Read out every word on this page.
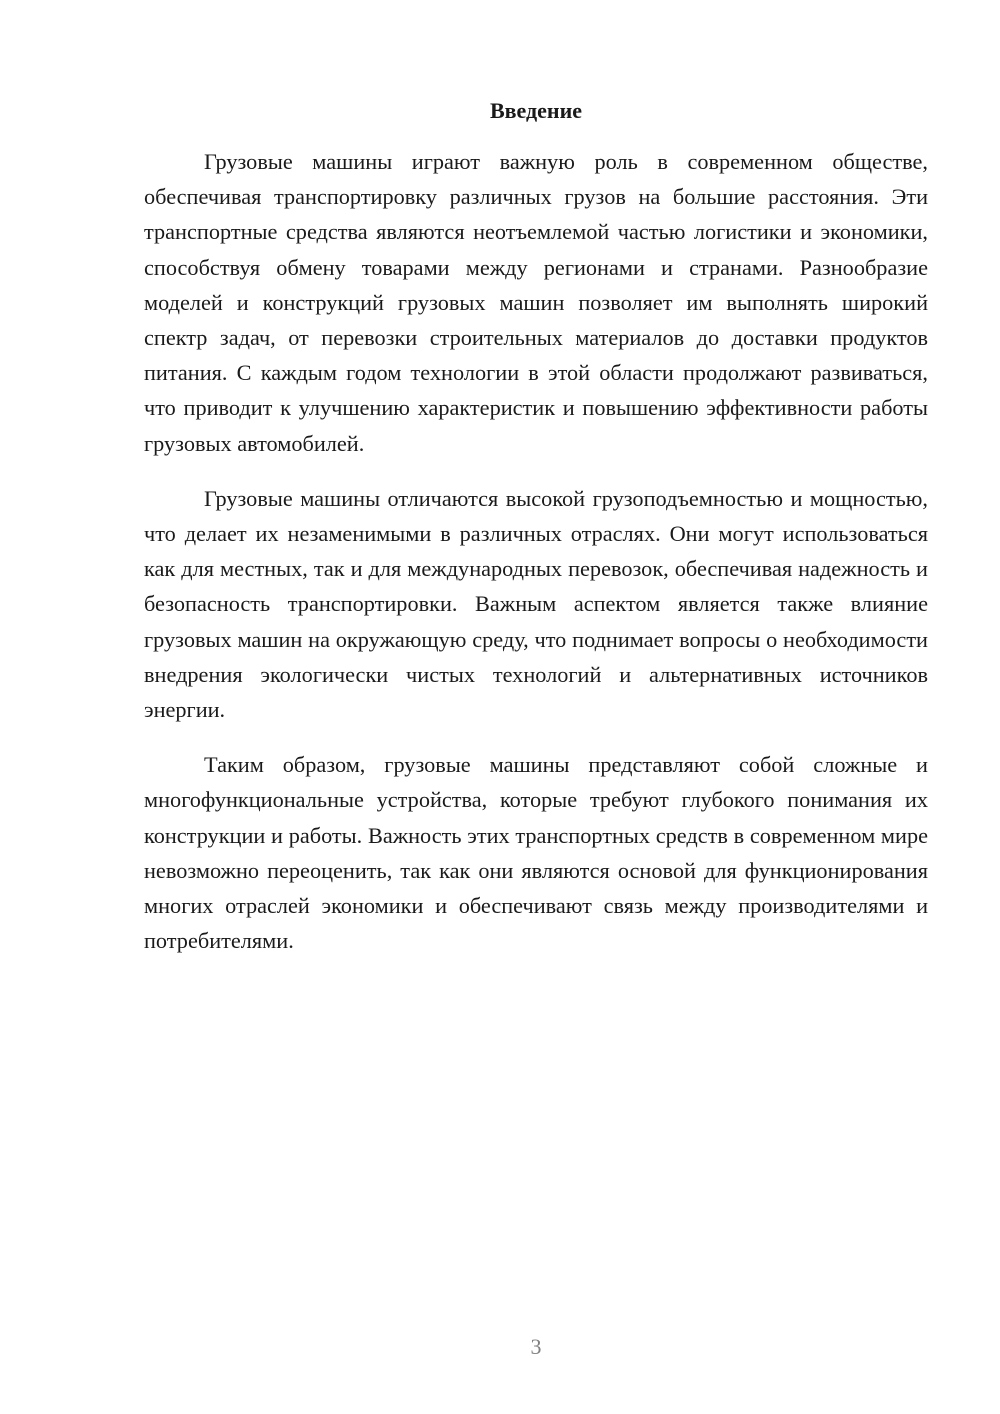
Введение

Грузовые машины играют важную роль в современном обществе, обеспечивая транспортировку различных грузов на большие расстояния. Эти транспортные средства являются неотъемлемой частью логистики и экономики, способствуя обмену товарами между регионами и странами. Разнообразие моделей и конструкций грузовых машин позволяет им выполнять широкий спектр задач, от перевозки строительных материалов до доставки продуктов питания. С каждым годом технологии в этой области продолжают развиваться, что приводит к улучшению характеристик и повышению эффективности работы грузовых автомобилей.

Грузовые машины отличаются высокой грузоподъемностью и мощностью, что делает их незаменимыми в различных отраслях. Они могут использоваться как для местных, так и для международных перевозок, обеспечивая надежность и безопасность транспортировки. Важным аспектом является также влияние грузовых машин на окружающую среду, что поднимает вопросы о необходимости внедрения экологически чистых технологий и альтернативных источников энергии.

Таким образом, грузовые машины представляют собой сложные и многофункциональные устройства, которые требуют глубокого понимания их конструкции и работы. Важность этих транспортных средств в современном мире невозможно переоценить, так как они являются основой для функционирования многих отраслей экономики и обеспечивают связь между производителями и потребителями.

3
